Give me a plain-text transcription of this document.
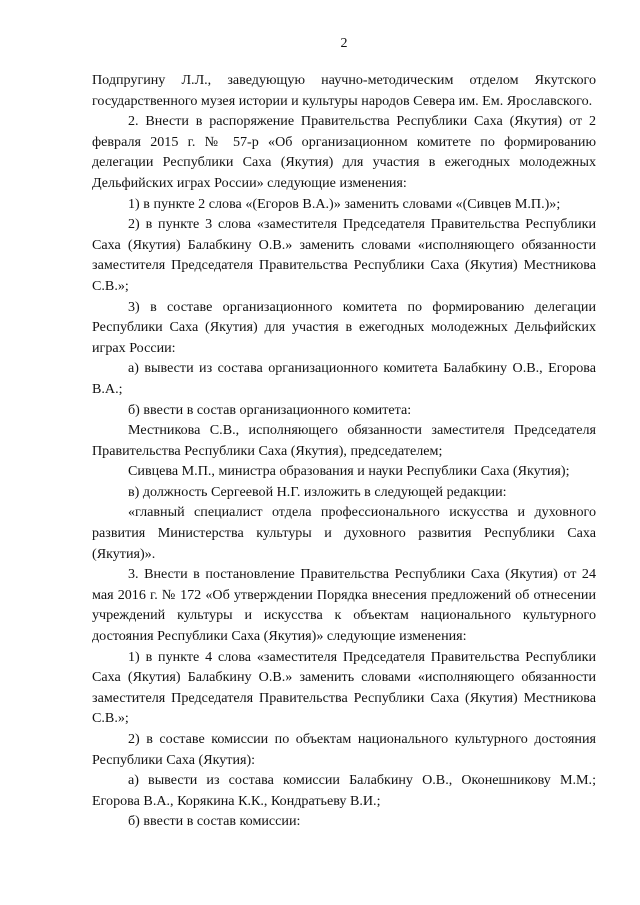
2

Подпругину Л.Л., заведующую научно-методическим отделом Якутского государственного музея истории и культуры народов Севера им. Ем. Ярославского.

2. Внести в распоряжение Правительства Республики Саха (Якутия) от 2 февраля 2015 г. № 57-р «Об организационном комитете по формированию делегации Республики Саха (Якутия) для участия в ежегодных молодежных Дельфийских играх России» следующие изменения:

1) в пункте 2 слова «(Егоров В.А.)» заменить словами «(Сивцев М.П.)»;

2) в пункте 3 слова «заместителя Председателя Правительства Республики Саха (Якутия) Балабкину О.В.» заменить словами «исполняющего обязанности заместителя Председателя Правительства Республики Саха (Якутия) Местникова С.В.»;

3) в составе организационного комитета по формированию делегации Республики Саха (Якутия) для участия в ежегодных молодежных Дельфийских играх России:

а) вывести из состава организационного комитета Балабкину О.В., Егорова В.А.;

б) ввести в состав организационного комитета:

Местникова С.В., исполняющего обязанности заместителя Председателя Правительства Республики Саха (Якутия), председателем;

Сивцева М.П., министра образования и науки Республики Саха (Якутия);

в) должность Сергеевой Н.Г. изложить в следующей редакции:

«главный специалист отдела профессионального искусства и духовного развития Министерства культуры и духовного развития Республики Саха (Якутия)».

3. Внести в постановление Правительства Республики Саха (Якутия) от 24 мая 2016 г. № 172 «Об утверждении Порядка внесения предложений об отнесении учреждений культуры и искусства к объектам национального культурного достояния Республики Саха (Якутия)» следующие изменения:

1) в пункте 4 слова «заместителя Председателя Правительства Республики Саха (Якутия) Балабкину О.В.» заменить словами «исполняющего обязанности заместителя Председателя Правительства Республики Саха (Якутия) Местникова С.В.»;

2) в составе комиссии по объектам национального культурного достояния Республики Саха (Якутия):

а) вывести из состава комиссии Балабкину О.В., Оконешникову М.М.; Егорова В.А., Корякина К.К., Кондратьеву В.И.;

б) ввести в состав комиссии:
